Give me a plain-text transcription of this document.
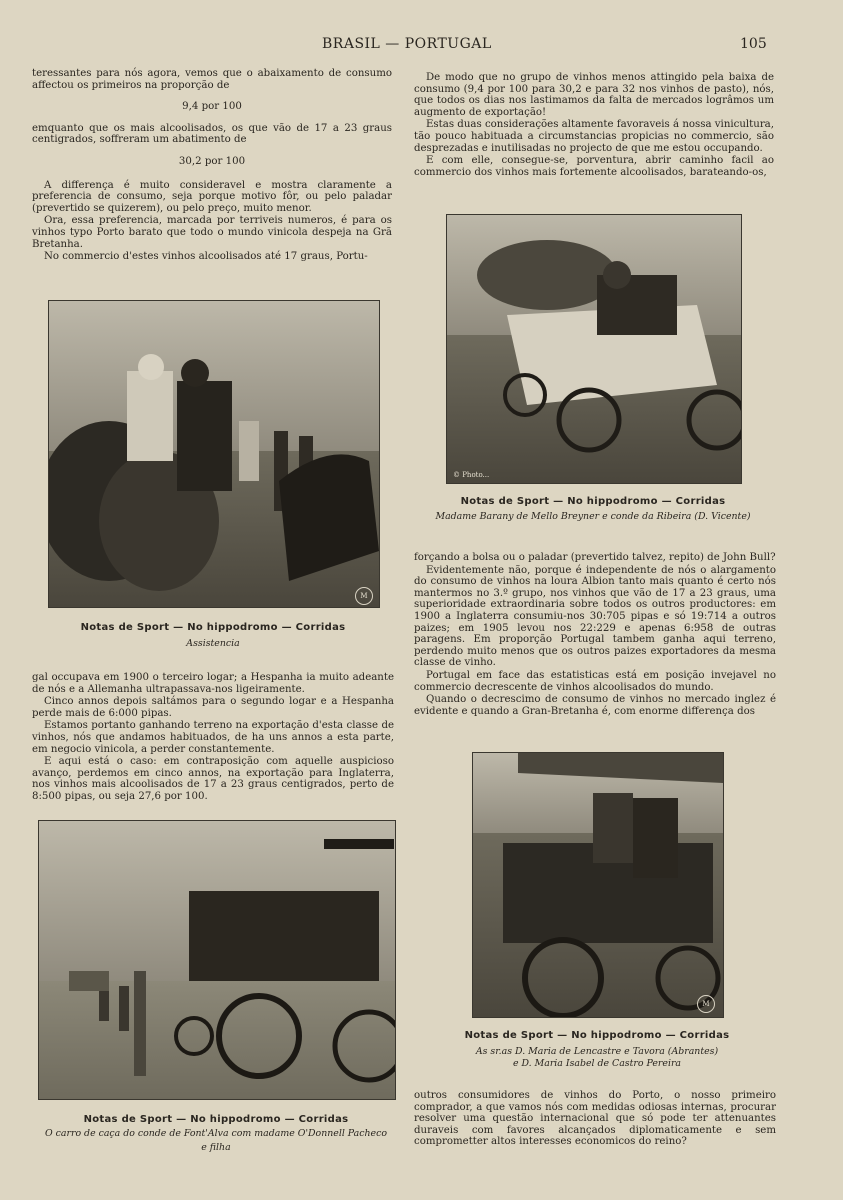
BRASIL — PORTUGAL	105

teressantes para nós agora, vemos que o abaixamento de consumo affectou os primeiros na proporção de

9,4 por 100

emquanto que os mais alcoolisados, os que vão de 17 a 23 graus centigrados, soffreram um abatimento de

30,2 por 100

A differença é muito consideravel e mostra claramente a preferencia de consumo, seja porque motivo fôr, ou pelo paladar (prevertido se quizerem), ou pelo preço, muito menor.

Ora, essa preferencia, marcada por terriveis numeros, é para os vinhos typo Porto barato que todo o mundo vinicola despeja na Grã Bretanha.

No commercio d'estes vinhos alcoolisados até 17 graus, Portu-

M
Notas de Sport — No hippodromo — Corridas
Assistencia

gal occupava em 1900 o terceiro logar; a Hespanha ia muito adeante de nós e a Allemanha ultrapassava-nos ligeiramente.

Cinco annos depois saltámos para o segundo logar e a Hespanha perde mais de 6:000 pipas.

Estamos portanto ganhando terreno na exportação d'esta classe de vinhos, nós que andamos habituados, de ha uns annos a esta parte, em negocio vinicola, a perder constantemente.

E aqui está o caso: em contraposição com aquelle auspicioso avanço, perdemos em cinco annos, na exportação para Inglaterra, nos vinhos mais alcoolisados de 17 a 23 graus centigrados, perto de 8:500 pipas, ou seja 27,6 por 100.

Notas de Sport — No hippodromo — Corridas
O carro de caça do conde de Font'Alva com madame O'Donnell Pacheco
e filha

De modo que no grupo de vinhos menos attingido pela baixa de consumo (9,4 por 100 para 30,2 e para 32 nos vinhos de pasto), nós, que todos os dias nos lastimamos da falta de mercados logrâmos um augmento de exportação!

Estas duas considerações altamente favoraveis á nossa vinicultura, tão pouco habituada a circumstancias propicias no commercio, são desprezadas e inutilisadas no projecto de que me estou occupando.

E com elle, consegue-se, porventura, abrir caminho facil ao commercio dos vinhos mais fortemente alcoolisados, barateando-os,

© Photo...
Notas de Sport — No hippodromo — Corridas
Madame Barany de Mello Breyner e conde da Ribeira (D. Vicente)

forçando a bolsa ou o paladar (prevertido talvez, repito) de John Bull?

Evidentemente não, porque é independente de nós o alargamento do consumo de vinhos na loura Albion tanto mais quanto é certo nós mantermos no 3.º grupo, nos vinhos que vão de 17 a 23 graus, uma superioridade extraordinaria sobre todos os outros productores: em 1900 a Inglaterra consumiu-nos 30:705 pipas e só 19:714 a outros paizes; em 1905 levou nos 22:229 e apenas 6:958 de outras paragens. Em proporção Portugal tambem ganha aqui terreno, perdendo muito menos que os outros paizes exportadores da mesma classe de vinho.

Portugal em face das estatisticas está em posição invejavel no commercio decrescente de vinhos alcoolisados do mundo.

Quando o decrescimo de consumo de vinhos no mercado inglez é evidente e quando a Gran-Bretanha é, com enorme differença dos

M
Notas de Sport — No hippodromo — Corridas
As sr.as D. Maria de Lencastre e Tavora (Abrantes)
e D. Maria Isabel de Castro Pereira

outros consumidores de vinhos do Porto, o nosso primeiro comprador, a que vamos nós com medidas odiosas internas, procurar resolver uma questão internacional que só pode ter attenuantes duraveis com favores alcançados diplomaticamente e sem comprometter altos interesses economicos do reino?
